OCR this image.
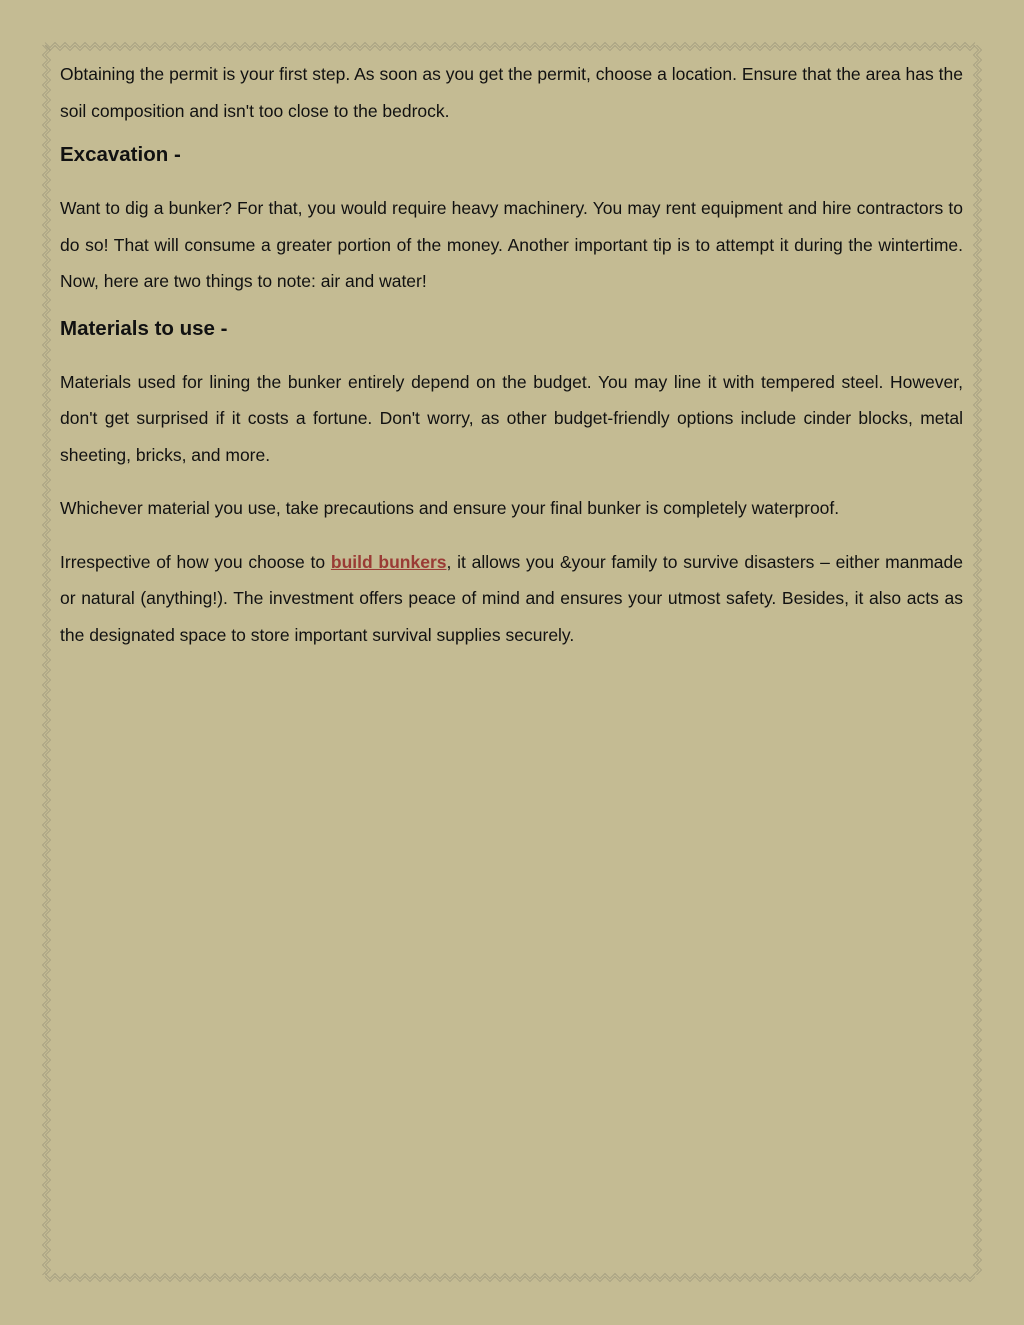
Obtaining the permit is your first step. As soon as you get the permit, choose a location. Ensure that the area has the soil composition and isn't too close to the bedrock.

Excavation -

Want to dig a bunker? For that, you would require heavy machinery. You may rent equipment and hire contractors to do so! That will consume a greater portion of the money. Another important tip is to attempt it during the wintertime. Now, here are two things to note: air and water!

Materials to use -

Materials used for lining the bunker entirely depend on the budget. You may line it with tempered steel. However, don't get surprised if it costs a fortune. Don't worry, as other budget-friendly options include cinder blocks, metal sheeting, bricks, and more.

Whichever material you use, take precautions and ensure your final bunker is completely waterproof.

Irrespective of how you choose to build bunkers, it allows you &your family to survive disasters – either manmade or natural (anything!). The investment offers peace of mind and ensures your utmost safety. Besides, it also acts as the designated space to store important survival supplies securely.
